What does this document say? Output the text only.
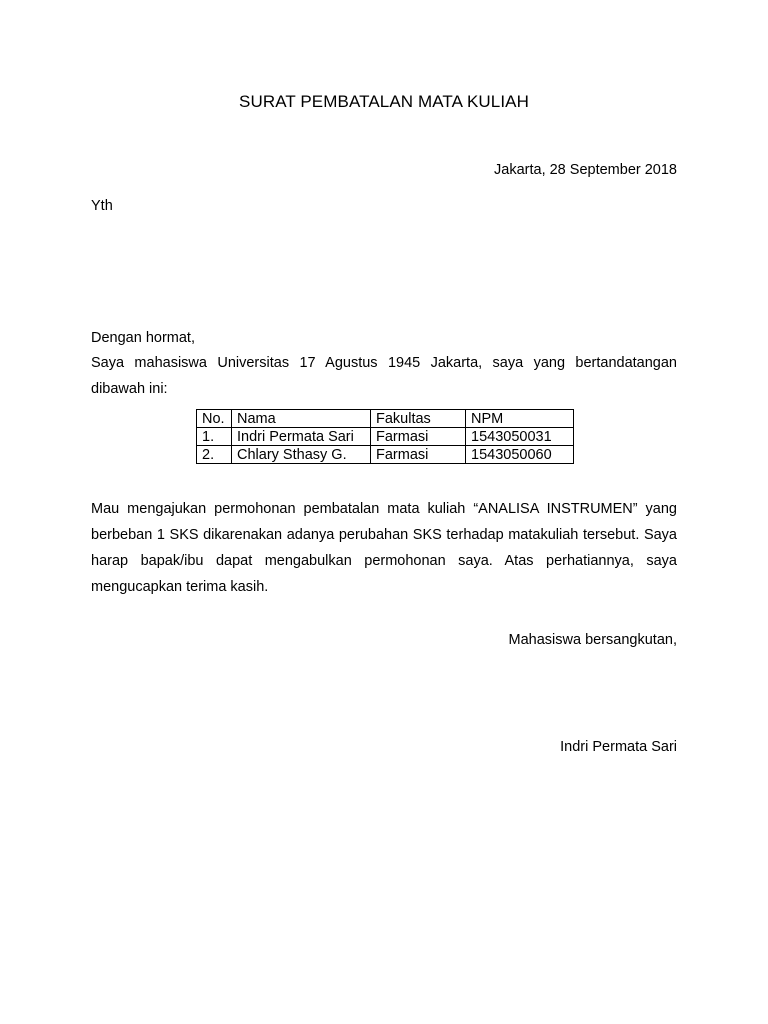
SURAT PEMBATALAN MATA KULIAH

Jakarta, 28 September 2018

Yth

Dengan hormat,

Saya mahasiswa Universitas 17 Agustus 1945 Jakarta, saya yang bertandatangan dibawah ini:

No.	Nama	Fakultas	NPM
1.	Indri Permata Sari	Farmasi	1543050031
2.	Chlary Sthasy G.	Farmasi	1543050060

Mau mengajukan permohonan pembatalan mata kuliah “ANALISA INSTRUMEN” yang berbeban 1 SKS dikarenakan adanya perubahan SKS terhadap matakuliah tersebut. Saya harap bapak/ibu dapat mengabulkan permohonan saya. Atas perhatiannya, saya mengucapkan terima kasih.

Mahasiswa bersangkutan,

Indri Permata Sari
